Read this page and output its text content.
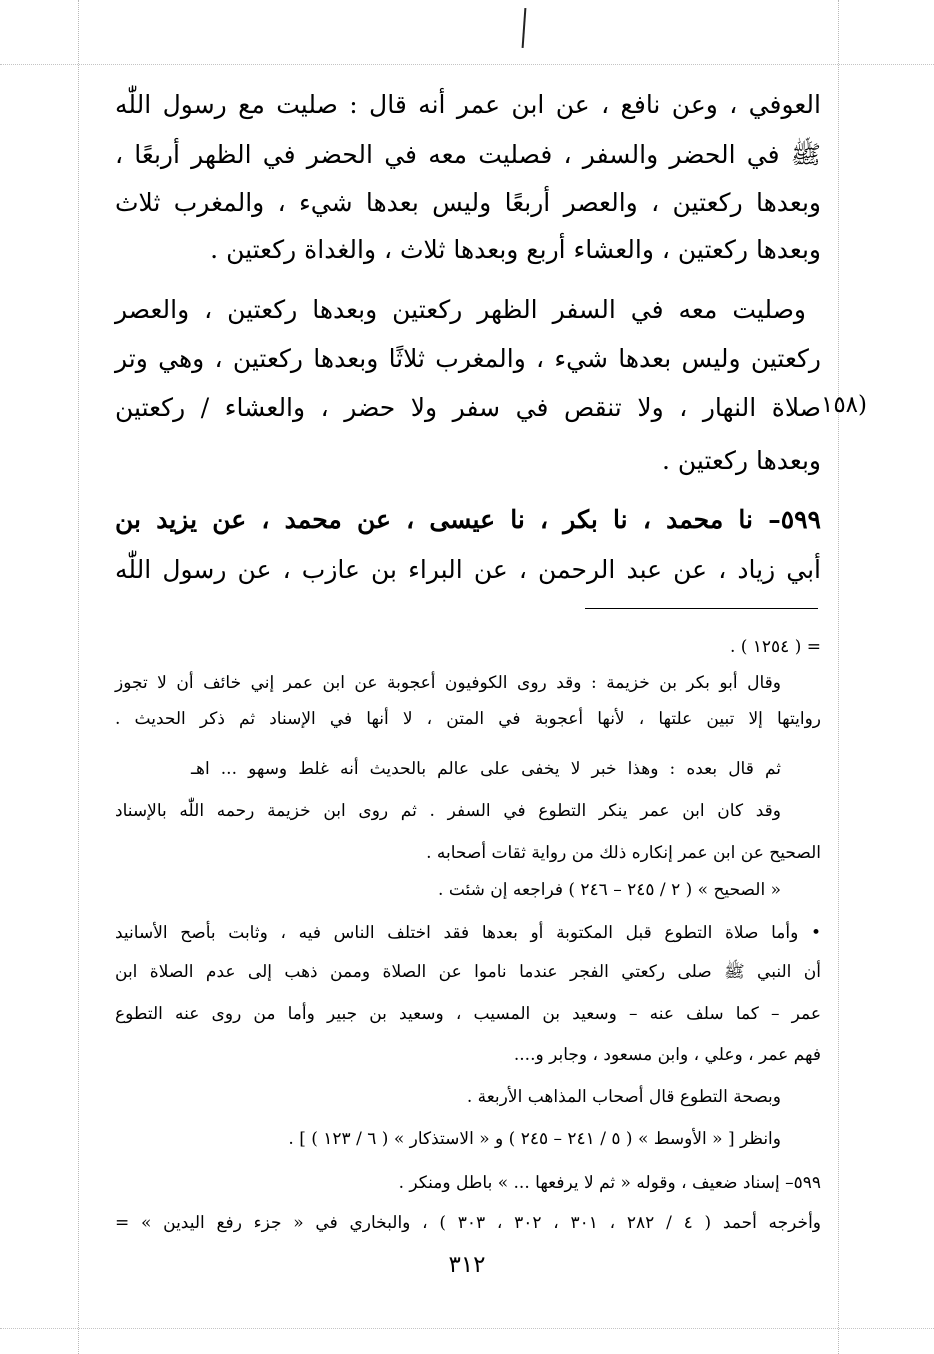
العوفي ، وعن نافع ، عن ابن عمر أنه قال : صليت مع رسول اللّٰه
ﷺ في الحضر والسفر ، فصليت معه في الحضر في الظهر أربعًا ،
وبعدها ركعتين ، والعصر أربعًا وليس بعدها شيء ، والمغرب ثلاث
وبعدها ركعتين ، والعشاء أربع وبعدها ثلاث ، والغداة ركعتين .
وصليت معه في السفر الظهر ركعتين وبعدها ركعتين ، والعصر
ركعتين وليس بعدها شيء ، والمغرب ثلاثًا وبعدها ركعتين ، وهي وتر
صلاة النهار ، ولا تنقص في سفر ولا حضر ، والعشاء / ركعتين
وبعدها ركعتين .
٥٩٩– نا محمد ، نا بكر ، نا عيسى ، عن محمد ، عن يزيد بن
أبي زياد ، عن عبد الرحمن ، عن البراء بن عازب ، عن رسول اللّٰه
(١٥٨
= ( ١٢٥٤ ) .
وقال أبو بكر بن خزيمة : وقد روى الكوفيون أعجوبة عن ابن عمر إني خائف أن لا تجوز
روايتها إلا تبين علتها ، لأنها أعجوبة في المتن ، لا أنها في الإسناد ثم ذكر الحديث .
ثم قال بعده : وهذا خبر لا يخفى على عالم بالحديث أنه غلط وسهو ... اهـ
وقد كان ابن عمر ينكر التطوع في السفر . ثم روى ابن خزيمة رحمه اللّٰه بالإسناد
الصحيح عن ابن عمر إنكاره ذلك من رواية ثقات أصحابه .
« الصحيح » ( ٢ / ٢٤٥ – ٢٤٦ ) فراجعه إن شئت .
• وأما صلاة التطوع قبل المكتوبة أو بعدها فقد اختلف الناس فيه ، وثابت بأصح الأسانيد
أن النبي ﷺ صلى ركعتي الفجر عندما ناموا عن الصلاة وممن ذهب إلى عدم الصلاة ابن
عمر – كما سلف عنه – وسعيد بن المسيب ، وسعيد بن جبير وأما من روى عنه التطوع
فهم عمر ، وعلي ، وابن مسعود ، وجابر و....
وبصحة التطوع قال أصحاب المذاهب الأربعة .
وانظر [ « الأوسط » ( ٥ / ٢٤١ – ٢٤٥ ) و « الاستذكار » ( ٦ / ١٢٣ ) ] .
٥٩٩– إسناد ضعيف ، وقوله « ثم لا يرفعها ... » باطل ومنكر .
وأخرجه أحمد ( ٤ / ٢٨٢ ، ٣٠١ ، ٣٠٢ ، ٣٠٣ ) ، والبخاري في « جزء رفع اليدين » =
٣١٢
